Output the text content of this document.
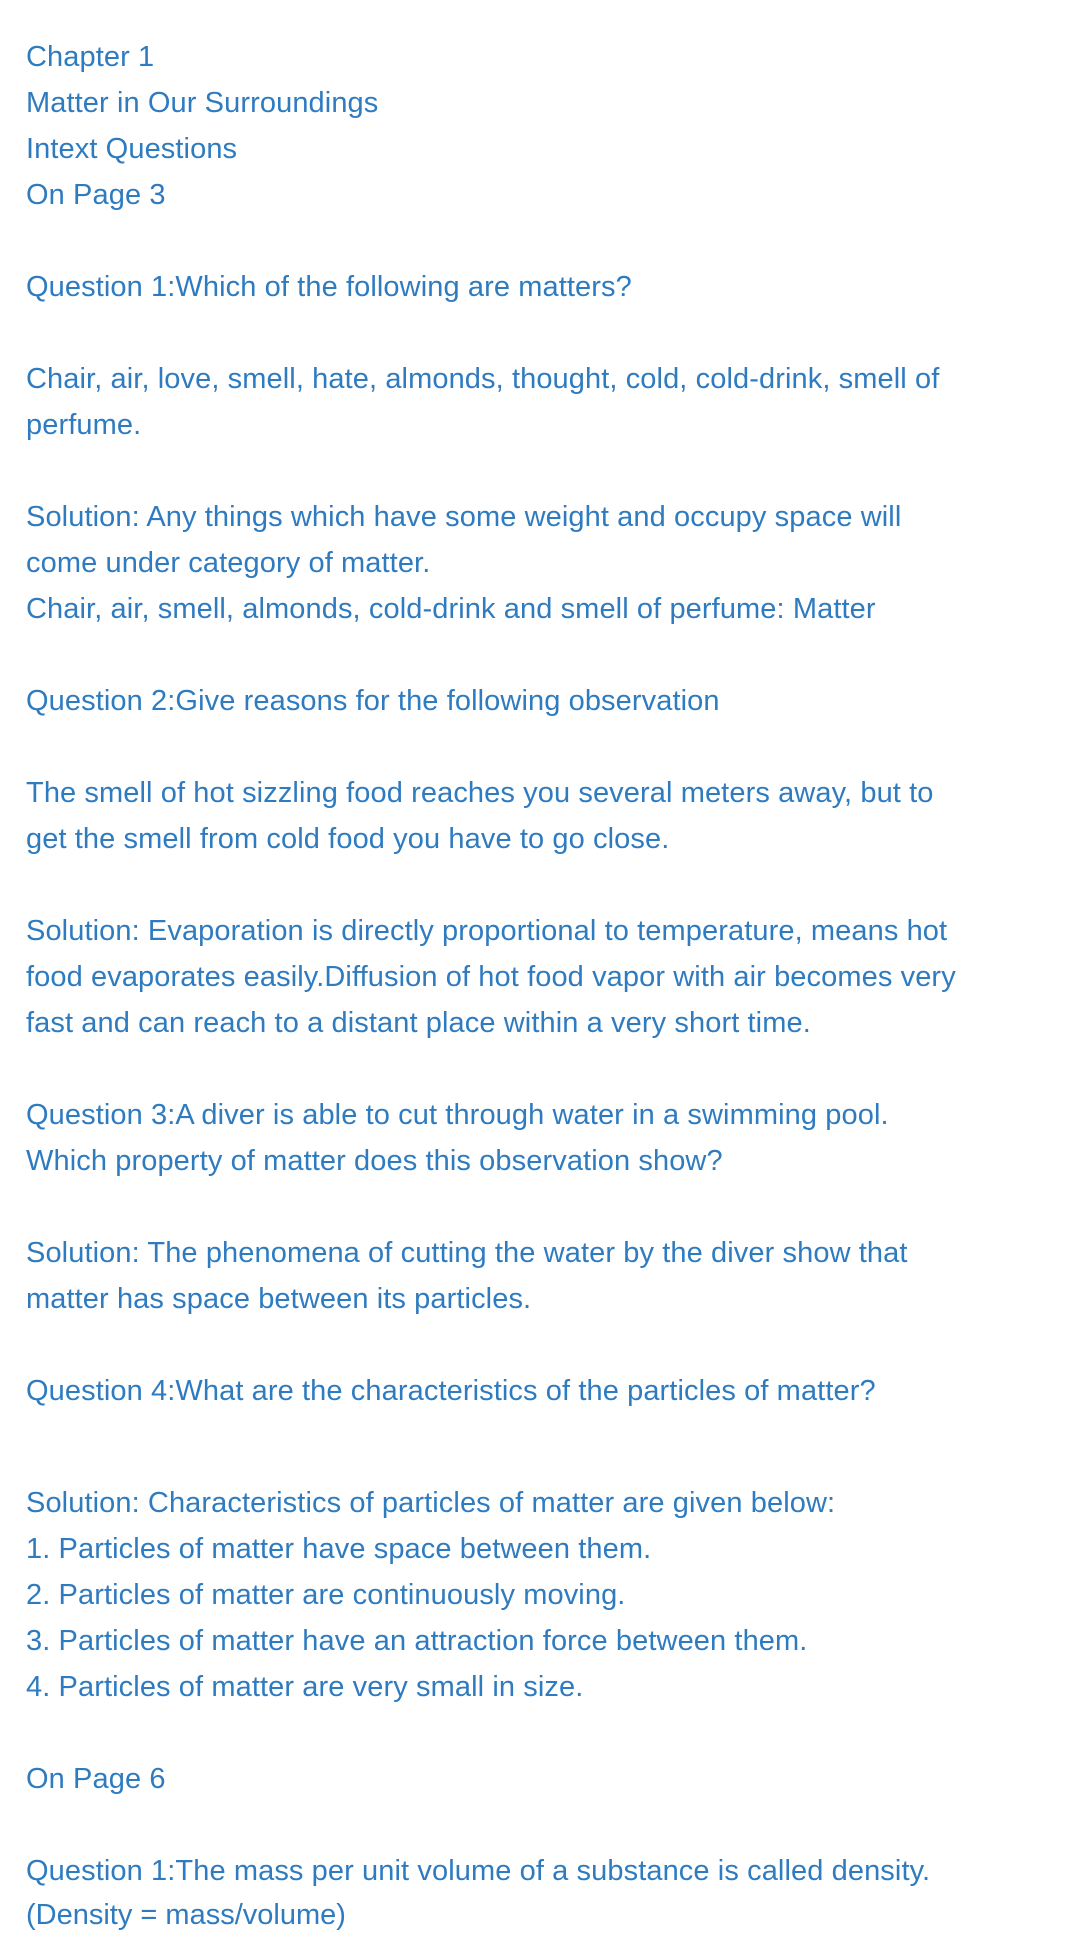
Chapter 1
Matter in Our Surroundings
Intext Questions
On Page 3
Question 1:Which of the following are matters?
Chair, air, love, smell, hate, almonds, thought, cold, cold-drink, smell of
perfume.
Solution: Any things which have some weight and occupy space will
come under category of matter.
Chair, air, smell, almonds, cold-drink and smell of perfume: Matter
Question 2:Give reasons for the following observation
The smell of hot sizzling food reaches you several meters away, but to
get the smell from cold food you have to go close.
Solution: Evaporation is directly proportional to temperature, means hot
food evaporates easily.Diffusion of hot food vapor with air becomes very
fast and can reach to a distant place within a very short time.
Question 3:A diver is able to cut through water in a swimming pool.
Which property of matter does this observation show?
Solution: The phenomena of cutting the water by the diver show that
matter has space between its particles.
Question 4:What are the characteristics of the particles of matter?
Solution: Characteristics of particles of matter are given below:
1. Particles of matter have space between them.
2. Particles of matter are continuously moving.
3. Particles of matter have an attraction force between them.
4. Particles of matter are very small in size.
On Page 6
Question 1:The mass per unit volume of a substance is called density.
(Density = mass/volume)
